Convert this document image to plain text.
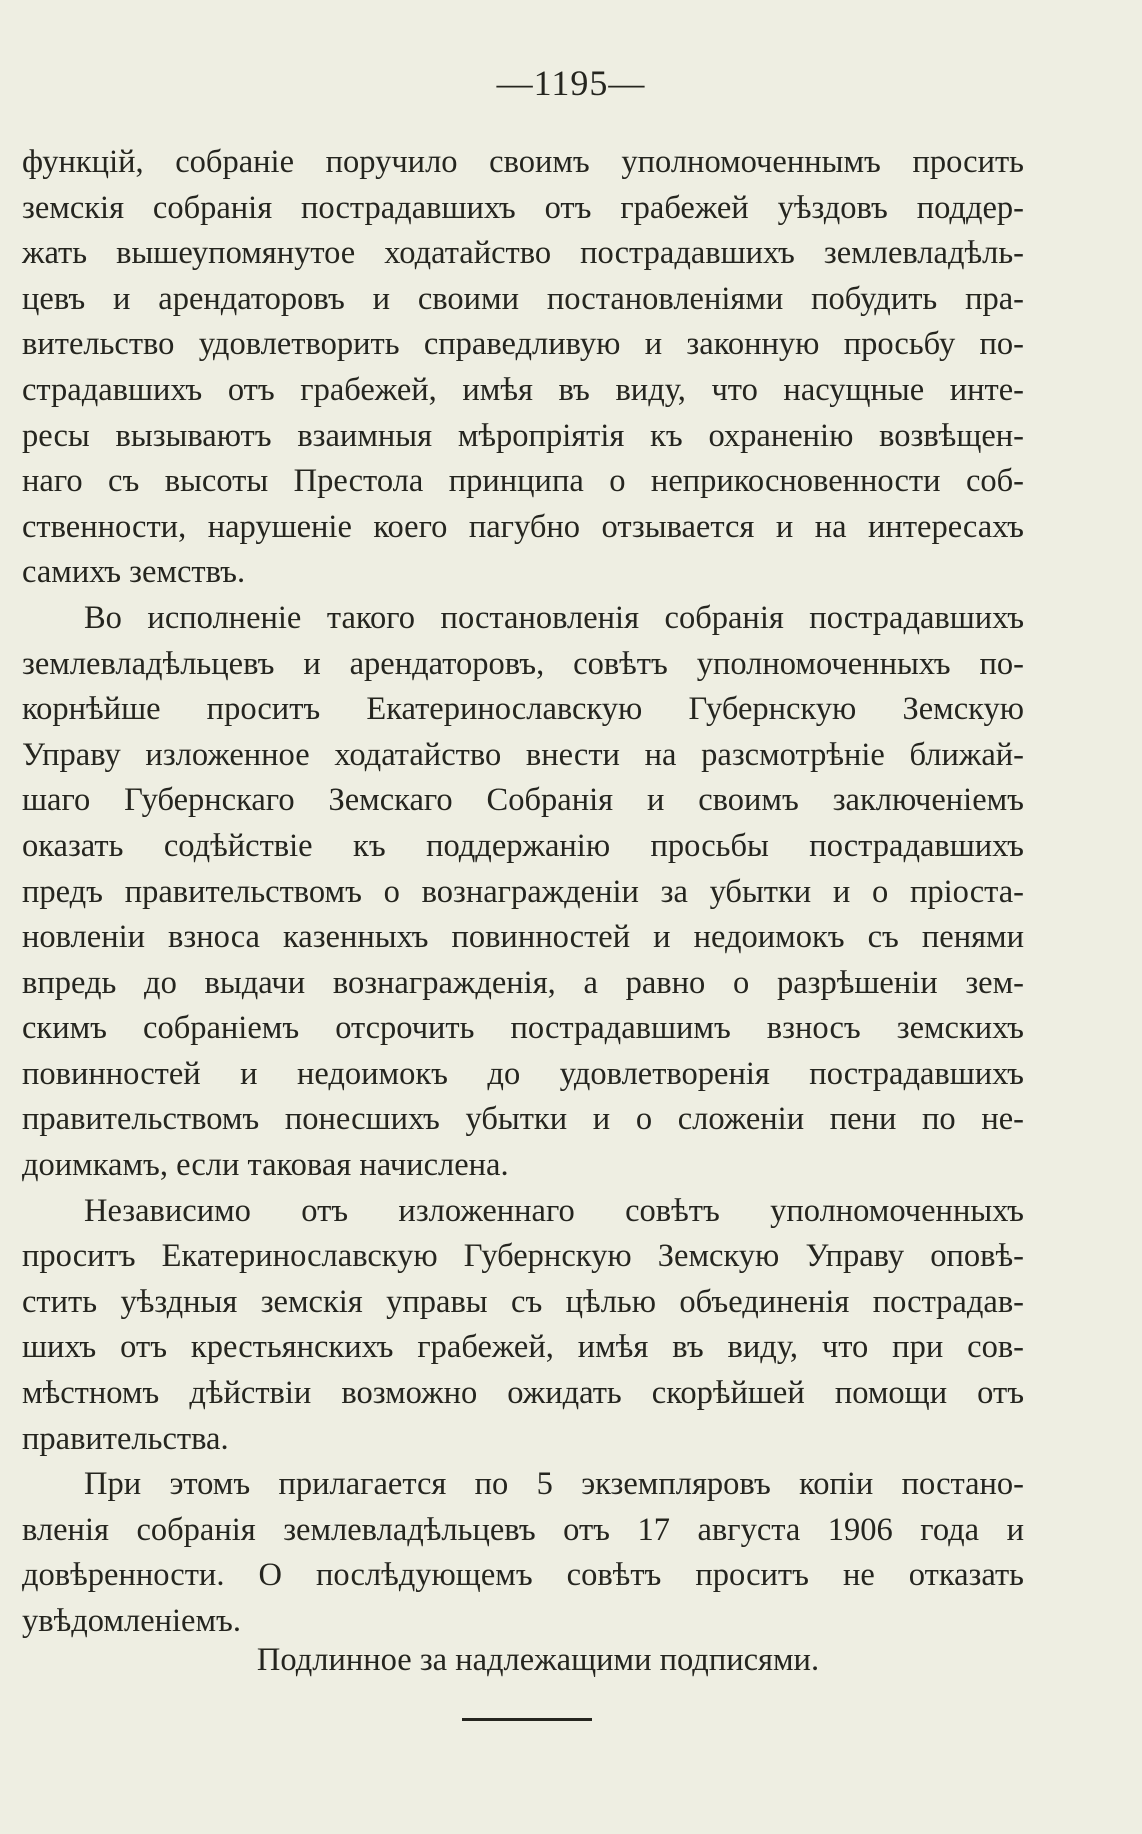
—1195—
функцій, собраніе поручило своимъ уполномоченнымъ просить
земскія собранія пострадавшихъ отъ грабежей уѣздовъ поддер-
жать вышеупомянутое ходатайство пострадавшихъ землевладѣль-
цевъ и арендаторовъ и своими постановленіями побудить пра-
вительство удовлетворить справедливую и законную просьбу по-
страдавшихъ отъ грабежей, имѣя въ виду, что насущные инте-
ресы вызываютъ взаимныя мѣропріятія къ охраненію возвѣщен-
наго съ высоты Престола принципа о неприкосновенности соб-
ственности, нарушеніе коего пагубно отзывается и на интересахъ
самихъ земствъ.
Во исполненіе такого постановленія собранія пострадавшихъ
землевладѣльцевъ и арендаторовъ, совѣтъ уполномоченныхъ по-
корнѣйше проситъ Екатеринославскую Губернскую Земскую
Управу изложенное ходатайство внести на разсмотрѣніе ближай-
шаго Губернскаго Земскаго Собранія и своимъ заключеніемъ
оказать содѣйствіе къ поддержанію просьбы пострадавшихъ
предъ правительствомъ о вознагражденіи за убытки и о пріоста-
новленіи взноса казенныхъ повинностей и недоимокъ съ пенями
впредь до выдачи вознагражденія, а равно о разрѣшеніи зем-
скимъ собраніемъ отсрочить пострадавшимъ взносъ земскихъ
повинностей и недоимокъ до удовлетворенія пострадавшихъ
правительствомъ понесшихъ убытки и о сложеніи пени по не-
доимкамъ, если таковая начислена.
Независимо отъ изложеннаго совѣтъ уполномоченныхъ
проситъ Екатеринославскую Губернскую Земскую Управу оповѣ-
стить уѣздныя земскія управы съ цѣлью объединенія пострадав-
шихъ отъ крестьянскихъ грабежей, имѣя въ виду, что при сов-
мѣстномъ дѣйствіи возможно ожидать скорѣйшей помощи отъ
правительства.
При этомъ прилагается по 5 экземпляровъ копіи постано-
вленія собранія землевладѣльцевъ отъ 17 августа 1906 года и
довѣренности. О послѣдующемъ совѣтъ проситъ не отказать
увѣдомленіемъ.
Подлинное за надлежащими подписями.
